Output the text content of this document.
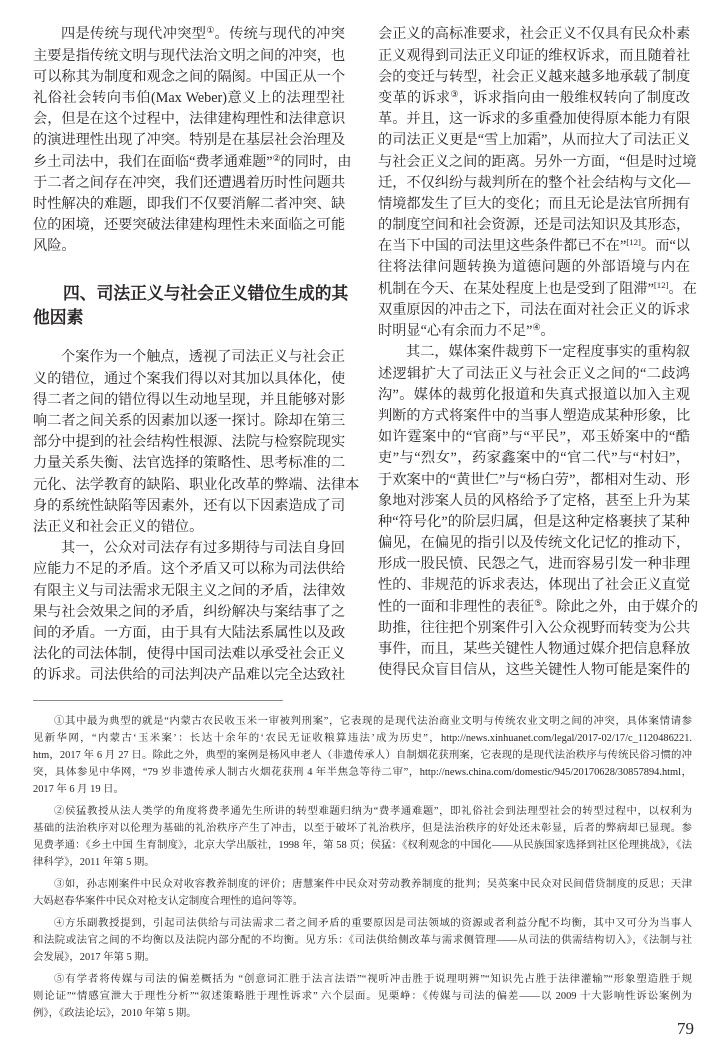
四是传统与现代冲突型①。传统与现代的冲突
主要是指传统文明与现代法治文明之间的冲突，也
可以称其为制度和观念之间的隔阂。中国正从一个
礼俗社会转向韦伯(Max Weber)意义上的法理型社
会，但是在这个过程中，法律建构理性和法律意识
的演进理性出现了冲突。特别是在基层社会治理及
乡土司法中，我们在面临“费孝通难题”②的同时，由
于二者之间存在冲突，我们还遭遇着历时性问题共
时性解决的难题，即我们不仅要消解二者冲突、缺
位的困境，还要突破法律建构理性未来面临之可能
风险。
四、司法正义与社会正义错位生成的其
他因素
个案作为一个触点，透视了司法正义与社会正
义的错位，通过个案我们得以对其加以具体化，使
得二者之间的错位得以生动地呈现，并且能够对影
响二者之间关系的因素加以逐一探讨。除却在第三
部分中提到的社会结构性根源、法院与检察院现实
力量关系失衡、法官选择的策略性、思考标准的二
元化、法学教育的缺陷、职业化改革的弊端、法律本
身的系统性缺陷等因素外，还有以下因素造成了司
法正义和社会正义的错位。
其一，公众对司法存有过多期待与司法自身回
应能力不足的矛盾。这个矛盾又可以称为司法供给
有限主义与司法需求无限主义之间的矛盾，法律效
果与社会效果之间的矛盾，纠纷解决与案结事了之
间的矛盾。一方面，由于具有大陆法系属性以及政
法化的司法体制，使得中国司法难以承受社会正义
的诉求。司法供给的司法判决产品难以完全达致社
会正义的高标准要求，社会正义不仅具有民众朴素
正义观得到司法正义印证的维权诉求，而且随着社
会的变迁与转型，社会正义越来越多地承载了制度
变革的诉求③，诉求指向由一般维权转向了制度改
革。并且，这一诉求的多重叠加使得原本能力有限
的司法正义更是“雪上加霜”，从而拉大了司法正义
与社会正义之间的距离。另外一方面，“但是时过境
迁，不仅纠纷与裁判所在的整个社会结构与文化—
情境都发生了巨大的变化；而且无论是法官所拥有
的制度空间和社会资源，还是司法知识及其形态，
在当下中国的司法里这些条件都已不在”[12]。而“以
往将法律问题转换为道德问题的外部语境与内在
机制在今天、在某处程度上也是受到了阻滞”[12]。在
双重原因的冲击之下，司法在面对社会正义的诉求
时明显“心有余而力不足”④。
其二，媒体案件裁剪下一定程度事实的重构叙
述逻辑扩大了司法正义与社会正义之间的“二歧鸿
沟”。媒体的裁剪化报道和失真式报道以加入主观
判断的方式将案件中的当事人塑造成某种形象，比
如许霆案中的“官商”与“平民”，邓玉娇案中的“酷
吏”与“烈女”，药家鑫案中的“官二代”与“村妇”，
于欢案中的“黄世仁”与“杨白劳”，都相对生动、形
象地对涉案人员的风格给予了定格，甚至上升为某
种“符号化”的阶层归属，但是这种定格裹挟了某种
偏见，在偏见的指引以及传统文化记忆的推动下，
形成一股民愤、民怨之气，进而容易引发一种非理
性的、非规范的诉求表达，体现出了社会正义直觉
性的一面和非理性的表征⑤。除此之外，由于媒介的
助推，往往把个别案件引入公众视野而转变为公共
事件，而且，某些关键性人物通过媒介把信息释放
使得民众盲目信从，这些关键性人物可能是案件的
①其中最为典型的就是“内蒙古农民收玉米一审被判刑案”，它表现的是现代法治商业文明与传统农业文明之间的冲突，具体案情请参
见新华网，“内蒙古‘玉米案’：长达十余年的‘农民无证收粮算违法’成为历史”，http://news.xinhuanet.com/legal/2017-02/17/c_1120486221.
htm，2017 年 6 月 27 日。除此之外，典型的案例是杨风申老人（非遗传承人）自制烟花获刑案，它表现的是现代法治秩序与传统民俗习惯的冲
突，具体参见中华网，“79 岁非遗传承人制古火烟花获刑 4 年半焦急等待二审”，http://news.china.com/domestic/945/20170628/30857894.html，
2017 年 6 月 19 日。
②侯猛教授从法人类学的角度将费孝通先生所讲的转型难题归纳为“费孝通难题”，即礼俗社会到法理型社会的转型过程中，以权利为
基础的法治秩序对以伦理为基础的礼治秩序产生了冲击，以至于破坏了礼治秩序，但是法治秩序的好处还未彰显，后者的弊病却已显现。参
见费孝通：《乡土中国 生育制度》，北京大学出版社，1998 年，第 58 页；侯猛：《权利观念的中国化——从民族国家选择到社区伦理挑战》，《法
律科学》，2011 年第 5 期。
③如，孙志刚案件中民众对收容教养制度的评价；唐慧案件中民众对劳动教养制度的批判；吴英案中民众对民间借贷制度的反思；天津
大妈赵春华案件中民众对枪支认定制度合理性的追问等等。
④方乐副教授提到，引起司法供给与司法需求二者之间矛盾的重要原因是司法领域的资源或者利益分配不均衡，其中又可分为当事人
和法院或法官之间的不均衡以及法院内部分配的不均衡。见方乐：《司法供给侧改革与需求侧管理——从司法的供需结构切入》，《法制与社
会发展》，2017 年第 5 期。
⑤有学者将传媒与司法的偏差概括为 “创意词汇胜于法言法语”“视听冲击胜于说理明辨”“知识先占胜于法律灌输”“形象塑造胜于规
则论证”“情感宣泄大于理性分析”“叙述策略胜于理性诉求” 六个层面。见栗峥：《传媒与司法的偏差——以 2009 十大影响性诉讼案例为
例》，《政法论坛》，2010 年第 5 期。
79
